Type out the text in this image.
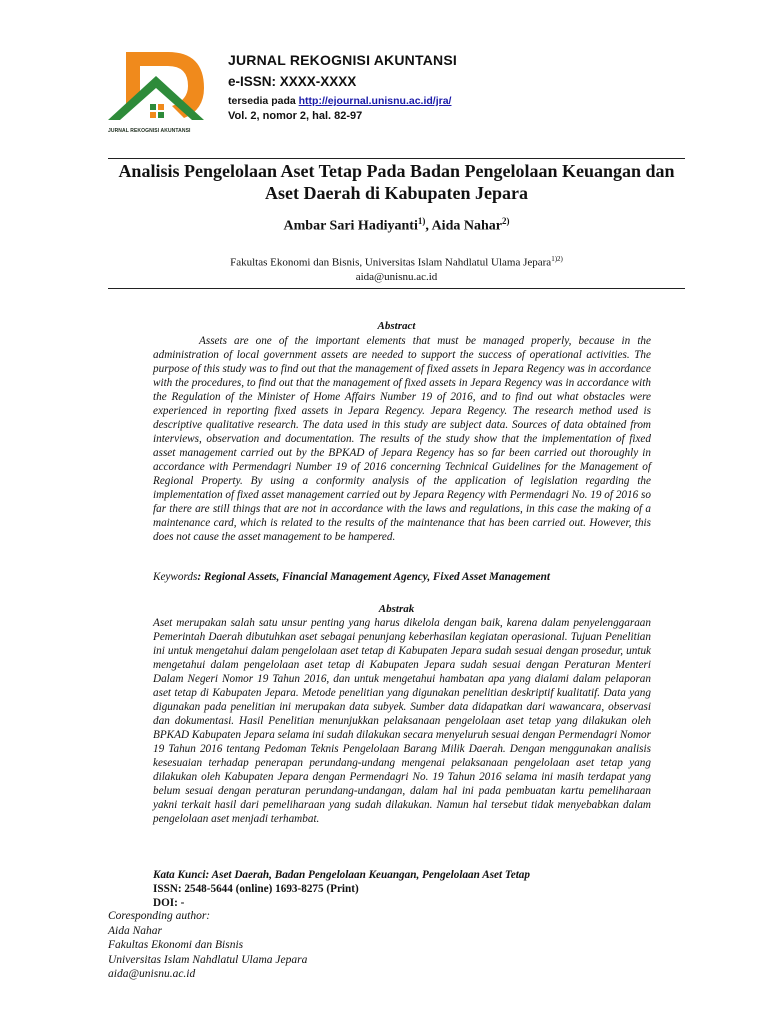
JURNAL REKOGNISI AKUNTANSI
JURNAL REKOGNISI AKUNTANSI
e-ISSN: XXXX-XXXX
tersedia pada http://ejournal.unisnu.ac.id/jra/
Vol. 2, nomor 2, hal. 82-97
Analisis Pengelolaan Aset Tetap Pada Badan Pengelolaan Keuangan dan Aset Daerah di Kabupaten Jepara
Ambar Sari Hadiyanti$^{1)}$, Aida Nahar$^{2)}$
Fakultas Ekonomi dan Bisnis, Universitas Islam Nahdlatul Ulama Jepara$^{1)2)}$
aida@unisnu.ac.id
Abstract
Assets are one of the important elements that must be managed properly, because in the administration of local government assets are needed to support the success of operational activities. The purpose of this study was to find out that the management of fixed assets in Jepara Regency was in accordance with the procedures, to find out that the management of fixed assets in Jepara Regency was in accordance with the Regulation of the Minister of Home Affairs Number 19 of 2016, and to find out what obstacles were experienced in reporting fixed assets in Jepara Regency. Jepara Regency. The research method used is descriptive qualitative research. The data used in this study are subject data. Sources of data obtained from interviews, observation and documentation. The results of the study show that the implementation of fixed asset management carried out by the BPKAD of Jepara Regency has so far been carried out thoroughly in accordance with Permendagri Number 19 of 2016 concerning Technical Guidelines for the Management of Regional Property. By using a conformity analysis of the application of legislation regarding the implementation of fixed asset management carried out by Jepara Regency with Permendagri No. 19 of 2016 so far there are still things that are not in accordance with the laws and regulations, in this case the making of a maintenance card, which is related to the results of the maintenance that has been carried out. However, this does not cause the asset management to be hampered.
Keywords: Regional Assets, Financial Management Agency, Fixed Asset Management
Abstrak
Aset merupakan salah satu unsur penting yang harus dikelola dengan baik, karena dalam penyelenggaraan Pemerintah Daerah dibutuhkan aset sebagai penunjang keberhasilan kegiatan operasional. Tujuan Penelitian ini untuk mengetahui dalam pengelolaan aset tetap di Kabupaten Jepara sudah sesuai dengan prosedur, untuk mengetahui dalam pengelolaan aset tetap di Kabupaten Jepara sudah sesuai dengan Peraturan Menteri Dalam Negeri Nomor 19 Tahun 2016, dan untuk mengetahui hambatan apa yang dialami dalam pelaporan aset tetap di Kabupaten Jepara. Metode penelitian yang digunakan penelitian deskriptif kualitatif. Data yang digunakan pada penelitian ini merupakan data subyek. Sumber data didapatkan dari wawancara, observasi dan dokumentasi. Hasil Penelitian menunjukkan pelaksanaan pengelolaan aset tetap yang dilakukan oleh BPKAD Kabupaten Jepara selama ini sudah dilakukan secara menyeluruh sesuai dengan Permendagri Nomor 19 Tahun 2016 tentang Pedoman Teknis Pengelolaan Barang Milik Daerah. Dengan menggunakan analisis kesesuaian terhadap penerapan perundang-undang mengenai pelaksanaan pengelolaan aset tetap yang dilakukan oleh Kabupaten Jepara dengan Permendagri No. 19 Tahun 2016 selama ini masih terdapat yang belum sesuai dengan peraturan perundang-undangan, dalam hal ini pada pembuatan kartu pemeliharaan yakni terkait hasil dari pemeliharaan yang sudah dilakukan. Namun hal tersebut tidak menyebabkan dalam pengelolaan aset menjadi terhambat.
Kata Kunci: Aset Daerah, Badan Pengelolaan Keuangan, Pengelolaan Aset Tetap
ISSN: 2548-5644 (online) 1693-8275 (Print)
DOI: -
Coresponding author:
Aida Nahar
Fakultas Ekonomi dan Bisnis
Universitas Islam Nahdlatul Ulama Jepara
aida@unisnu.ac.id
